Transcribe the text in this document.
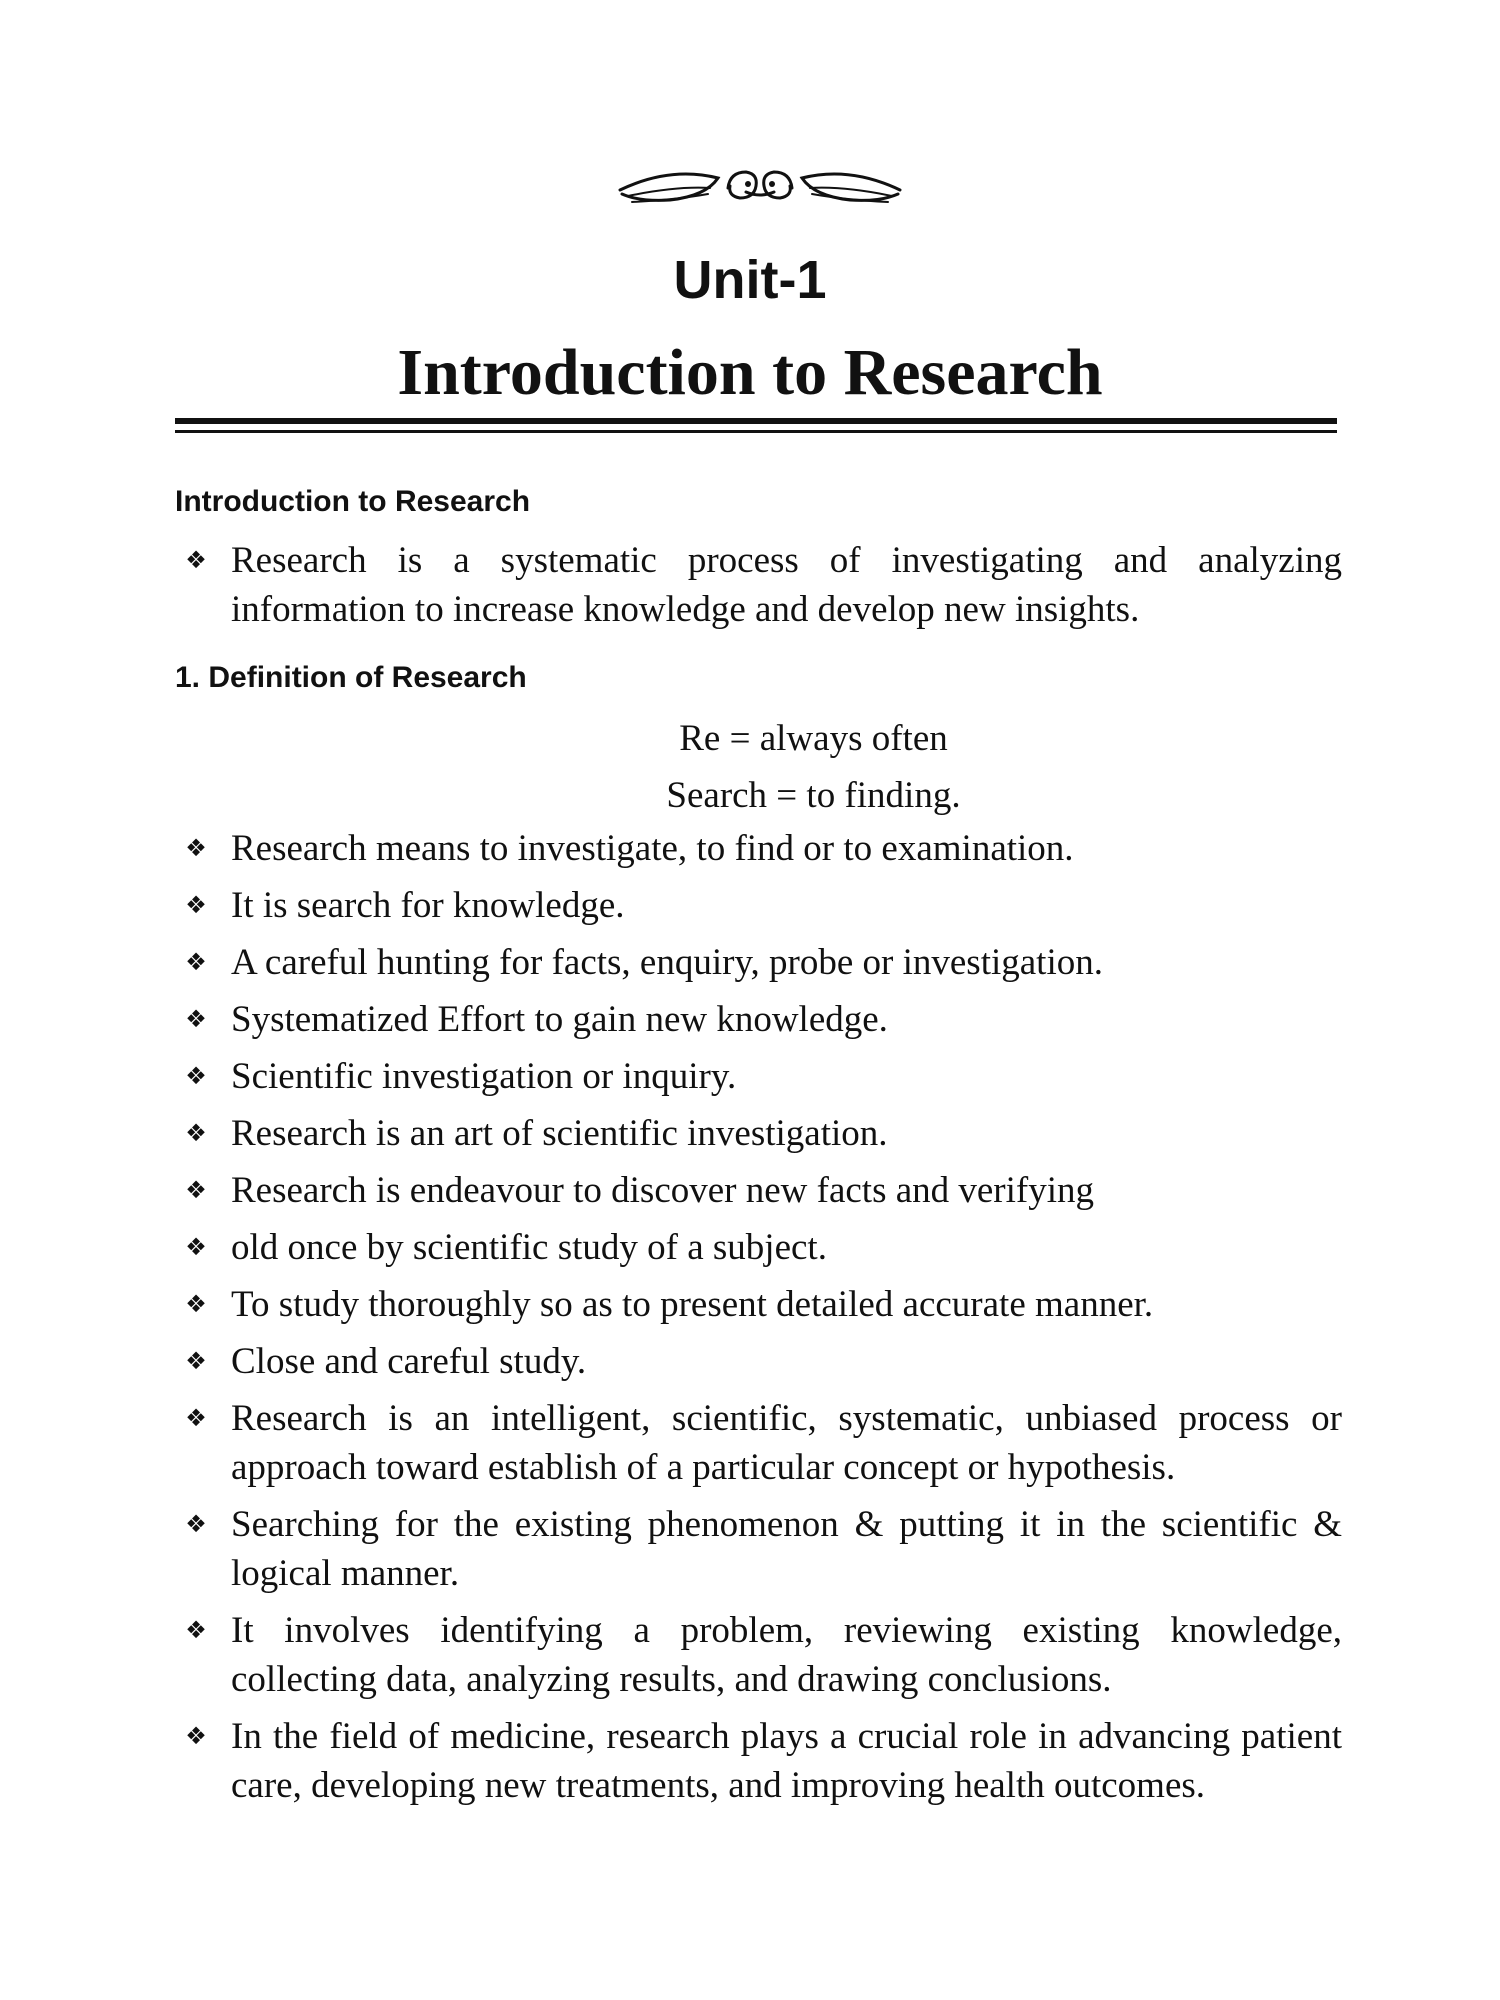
Unit-1
Introduction to Research
Introduction to Research
❖ Research is a systematic process of investigating and analyzing information to increase knowledge and develop new insights.
1. Definition of Research
Re = always often
Search = to finding.
❖ Research means to investigate, to find or to examination.
❖ It is search for knowledge.
❖ A careful hunting for facts, enquiry, probe or investigation.
❖ Systematized Effort to gain new knowledge.
❖ Scientific investigation or inquiry.
❖ Research is an art of scientific investigation.
❖ Research is endeavour to discover new facts and verifying
❖ old once by scientific study of a subject.
❖ To study thoroughly so as to present detailed accurate manner.
❖ Close and careful study.
❖ Research is an intelligent, scientific, systematic, unbiased process or approach toward establish of a particular concept or hypothesis.
❖ Searching for the existing phenomenon & putting it in the scientific & logical manner.
❖ It involves identifying a problem, reviewing existing knowledge, collecting data, analyzing results, and drawing conclusions.
❖ In the field of medicine, research plays a crucial role in advancing patient care, developing new treatments, and improving health outcomes.
